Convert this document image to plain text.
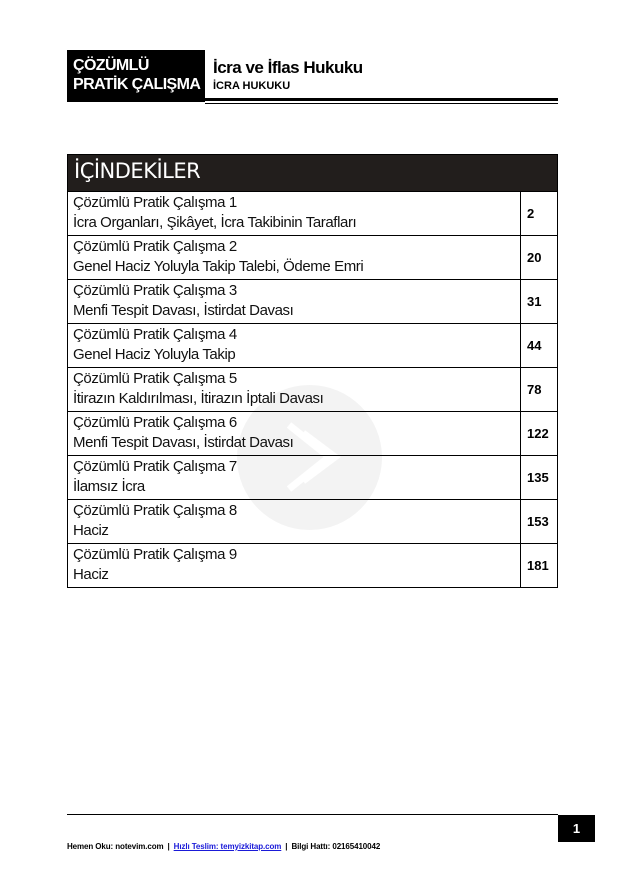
ÇÖZÜMLÜ
PRATİK ÇALIŞMA
İcra ve İflas Hukuku
İCRA HUKUKU
İÇİNDEKİLER
Çözümlü Pratik Çalışma 1
İcra Organları, Şikâyet, İcra Takibinin Tarafları
2
Çözümlü Pratik Çalışma 2
Genel Haciz Yoluyla Takip Talebi, Ödeme Emri
20
Çözümlü Pratik Çalışma 3
Menfi Tespit Davası, İstirdat Davası
31
Çözümlü Pratik Çalışma 4
Genel Haciz Yoluyla Takip
44
Çözümlü Pratik Çalışma 5
İtirazın Kaldırılması, İtirazın İptali Davası
78
Çözümlü Pratik Çalışma 6
Menfi Tespit Davası, İstirdat Davası
122
Çözümlü Pratik Çalışma 7
İlamsız İcra
135
Çözümlü Pratik Çalışma 8
Haciz
153
Çözümlü Pratik Çalışma 9
Haciz
181
1
Hemen Oku: notevim.com | Hızlı Teslim: temyizkitap.com | Bilgi Hattı: 02165410042
